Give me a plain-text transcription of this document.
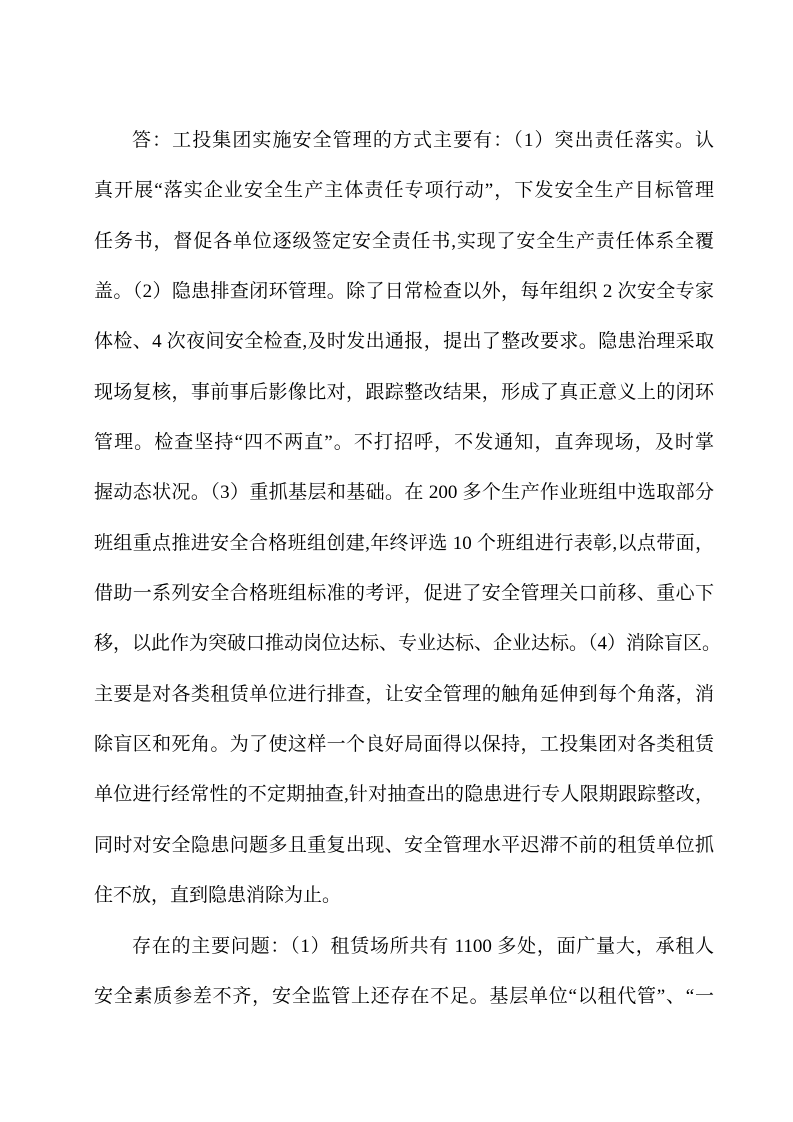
答：工投集团实施安全管理的方式主要有：（1）突出责任落实。认
真开展“落实企业安全生产主体责任专项行动”，下发安全生产目标管理
任务书，督促各单位逐级签定安全责任书,实现了安全生产责任体系全覆
盖。（2）隐患排查闭环管理。除了日常检查以外，每年组织 2 次安全专家
体检、4 次夜间安全检查,及时发出通报，提出了整改要求。隐患治理采取
现场复核，事前事后影像比对，跟踪整改结果，形成了真正意义上的闭环
管理。检查坚持“四不两直”。不打招呼，不发通知，直奔现场，及时掌
握动态状况。（3）重抓基层和基础。在 200 多个生产作业班组中选取部分
班组重点推进安全合格班组创建,年终评选 10 个班组进行表彰,以点带面，
借助一系列安全合格班组标准的考评，促进了安全管理关口前移、重心下
移，以此作为突破口推动岗位达标、专业达标、企业达标。（4）消除盲区。
主要是对各类租赁单位进行排查，让安全管理的触角延伸到每个角落，消
除盲区和死角。为了使这样一个良好局面得以保持，工投集团对各类租赁
单位进行经常性的不定期抽查,针对抽查出的隐患进行专人限期跟踪整改，
同时对安全隐患问题多且重复出现、安全管理水平迟滞不前的租赁单位抓
住不放，直到隐患消除为止。
存在的主要问题：（1）租赁场所共有 1100 多处，面广量大，承租人
安全素质参差不齐，安全监管上还存在不足。基层单位“以租代管”、“一
